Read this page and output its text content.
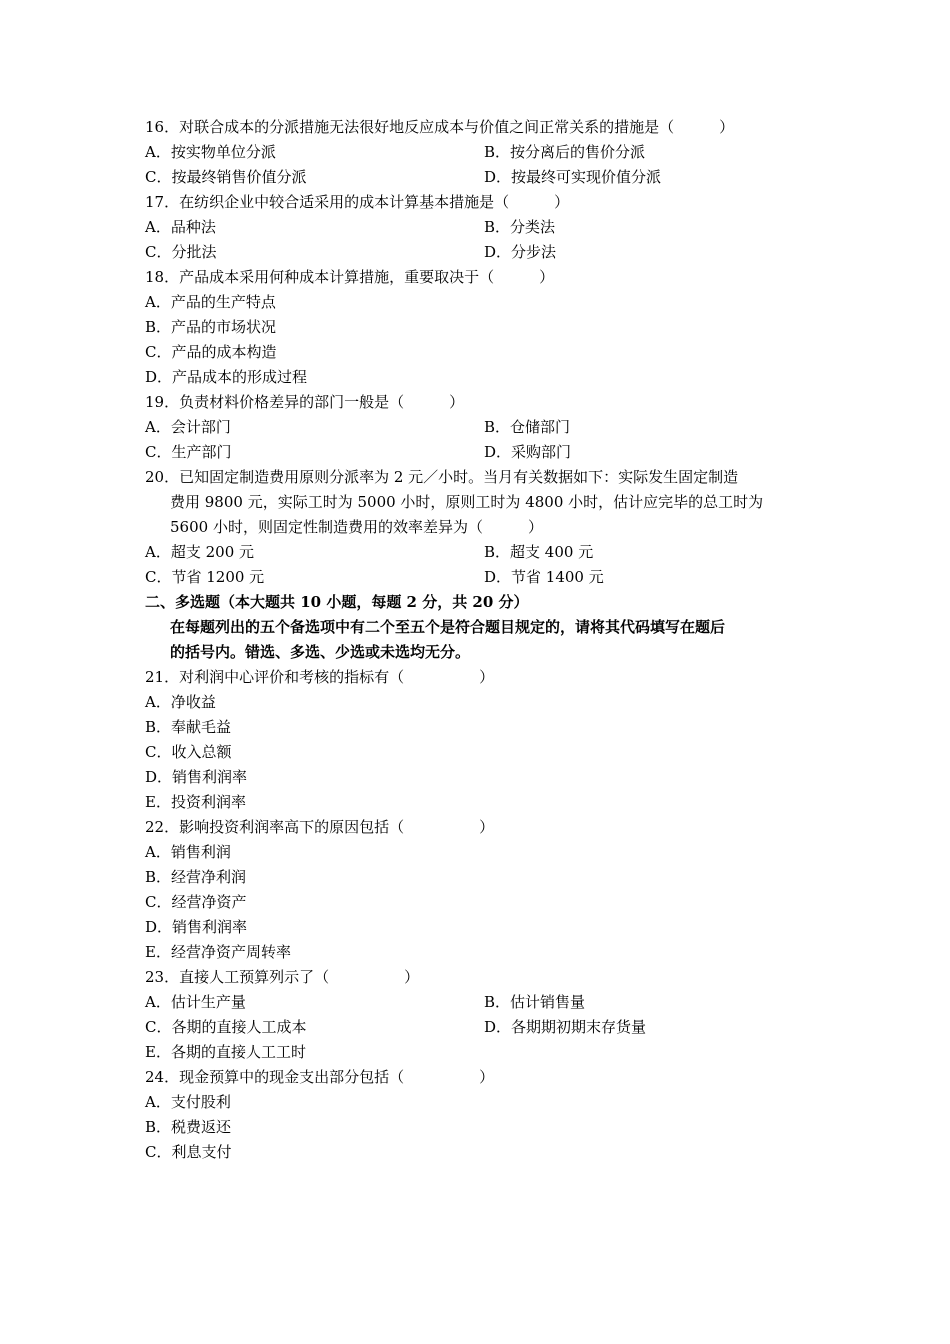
16．对联合成本的分派措施无法很好地反应成本与价值之间正常关系的措施是（　　　）
A．按实物单位分派	B．按分离后的售价分派
C．按最终销售价值分派	D．按最终可实现价值分派
17．在纺织企业中较合适采用的成本计算基本措施是（　　　）
A．品种法	B．分类法
C．分批法	D．分步法
18．产品成本采用何种成本计算措施，重要取决于（　　　）
A．产品的生产特点
B．产品的市场状况
C．产品的成本构造
D．产品成本的形成过程
19．负责材料价格差异的部门一般是（　　　）
A．会计部门	B．仓储部门
C．生产部门	D．采购部门
20．已知固定制造费用原则分派率为 2 元／小时。当月有关数据如下：实际发生固定制造
费用 9800 元，实际工时为 5000 小时，原则工时为 4800 小时，估计应完毕的总工时为
5600 小时，则固定性制造费用的效率差异为（　　　）
A．超支 200 元	B．超支 400 元
C．节省 1200 元	D．节省 1400 元
二、多选题（本大题共 10 小题，每题 2 分，共 20 分）
在每题列出的五个备选项中有二个至五个是符合题目规定的，请将其代码填写在题后
的括号内。错选、多选、少选或未选均无分。
21．对利润中心评价和考核的指标有（　　　　　）
A．净收益
B．奉献毛益
C．收入总额
D．销售利润率
E．投资利润率
22．影响投资利润率高下的原因包括（　　　　　）
A．销售利润
B．经营净利润
C．经营净资产
D．销售利润率
E．经营净资产周转率
23．直接人工预算列示了（　　　　　）
A．估计生产量	B．估计销售量
C．各期的直接人工成本	D．各期期初期末存货量
E．各期的直接人工工时
24．现金预算中的现金支出部分包括（　　　　　）
A．支付股利
B．税费返还
C．利息支付
